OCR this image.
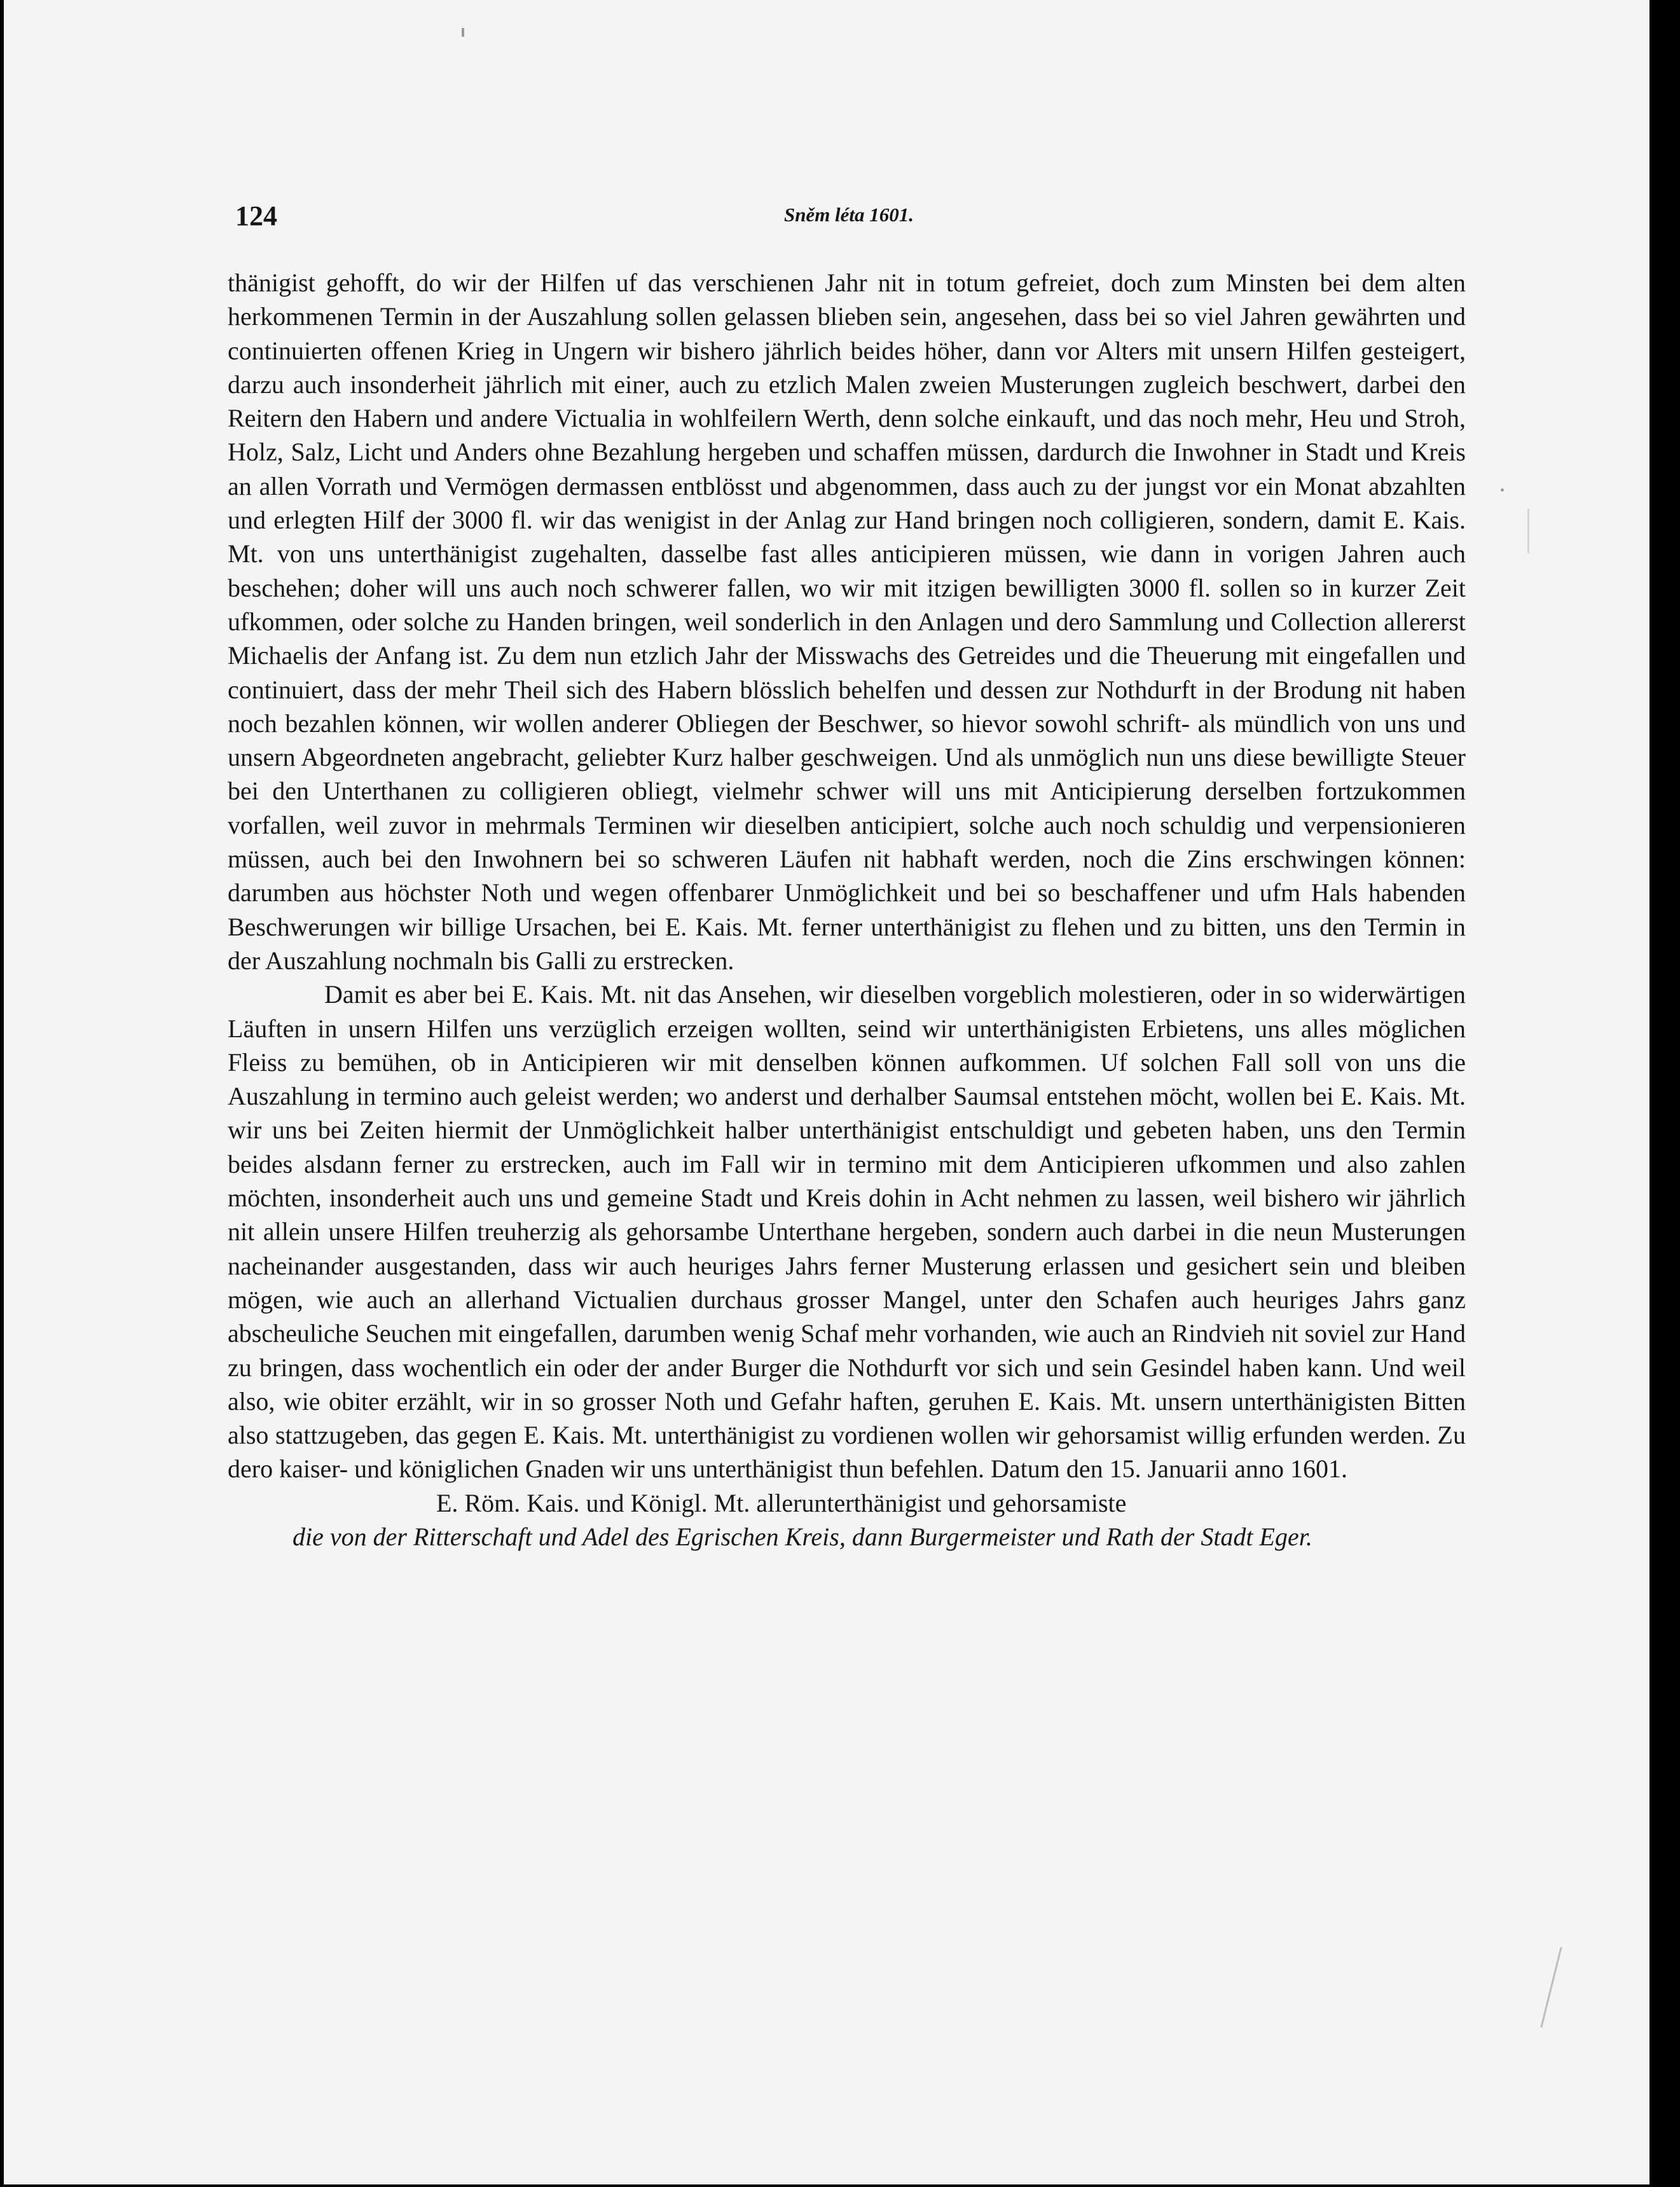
124	Sněm léta 1601.

thänigist gehofft, do wir der Hilfen uf das verschienen Jahr nit in totum gefreiet, doch zum Minsten bei dem alten herkommenen Termin in der Auszahlung sollen gelassen blieben sein, angesehen, dass bei so viel Jahren gewährten und continuierten offenen Krieg in Ungern wir bishero jährlich beides höher, dann vor Alters mit unsern Hilfen gesteigert, darzu auch insonderheit jährlich mit einer, auch zu etzlich Malen zweien Musterungen zugleich beschwert, darbei den Reitern den Habern und andere Victualia in wohlfeilern Werth, denn solche einkauft, und das noch mehr, Heu und Stroh, Holz, Salz, Licht und Anders ohne Bezahlung hergeben und schaffen müssen, dardurch die Inwohner in Stadt und Kreis an allen Vorrath und Vermögen dermassen entblösst und abgenommen, dass auch zu der jungst vor ein Monat abzahlten und erlegten Hilf der 3000 fl. wir das wenigist in der Anlag zur Hand bringen noch colligieren, sondern, damit E. Kais. Mt. von uns unterthänigist zugehalten, dasselbe fast alles anticipieren müssen, wie dann in vorigen Jahren auch beschehen; doher will uns auch noch schwerer fallen, wo wir mit itzigen bewilligten 3000 fl. sollen so in kurzer Zeit ufkommen, oder solche zu Handen bringen, weil sonderlich in den Anlagen und dero Sammlung und Collection allererst Michaelis der Anfang ist. Zu dem nun etzlich Jahr der Misswachs des Getreides und die Theuerung mit eingefallen und continuiert, dass der mehr Theil sich des Habern blösslich behelfen und dessen zur Nothdurft in der Brodung nit haben noch bezahlen können, wir wollen anderer Obliegen der Beschwer, so hievor sowohl schrift- als mündlich von uns und unsern Abgeordneten angebracht, geliebter Kurz halber geschweigen. Und als unmöglich nun uns diese bewilligte Steuer bei den Unterthanen zu colligieren obliegt, vielmehr schwer will uns mit Anticipierung derselben fortzukommen vorfallen, weil zuvor in mehrmals Terminen wir dieselben anticipiert, solche auch noch schuldig und verpensionieren müssen, auch bei den Inwohnern bei so schweren Läufen nit habhaft werden, noch die Zins erschwingen können: darumben aus höchster Noth und wegen offenbarer Unmöglichkeit und bei so beschaffener und ufm Hals habenden Beschwerungen wir billige Ursachen, bei E. Kais. Mt. ferner unterthänigist zu flehen und zu bitten, uns den Termin in der Auszahlung nochmaln bis Galli zu erstrecken.

Damit es aber bei E. Kais. Mt. nit das Ansehen, wir dieselben vorgeblich molestieren, oder in so widerwärtigen Läuften in unsern Hilfen uns verzüglich erzeigen wollten, seind wir unterthänigisten Erbietens, uns alles möglichen Fleiss zu bemühen, ob in Anticipieren wir mit denselben können aufkommen. Uf solchen Fall soll von uns die Auszahlung in termino auch geleist werden; wo anderst und derhalber Saumsal entstehen möcht, wollen bei E. Kais. Mt. wir uns bei Zeiten hiermit der Unmöglichkeit halber unterthänigist entschuldigt und gebeten haben, uns den Termin beides alsdann ferner zu erstrecken, auch im Fall wir in termino mit dem Anticipieren ufkommen und also zahlen möchten, insonderheit auch uns und gemeine Stadt und Kreis dohin in Acht nehmen zu lassen, weil bishero wir jährlich nit allein unsere Hilfen treuherzig als gehorsambe Unterthane hergeben, sondern auch darbei in die neun Musterungen nacheinander ausgestanden, dass wir auch heuriges Jahrs ferner Musterung erlassen und gesichert sein und bleiben mögen, wie auch an allerhand Victualien durchaus grosser Mangel, unter den Schafen auch heuriges Jahrs ganz abscheuliche Seuchen mit eingefallen, darumben wenig Schaf mehr vorhanden, wie auch an Rindvieh nit soviel zur Hand zu bringen, dass wochentlich ein oder der ander Burger die Nothdurft vor sich und sein Gesindel haben kann. Und weil also, wie obiter erzählt, wir in so grosser Noth und Gefahr haften, geruhen E. Kais. Mt. unsern unterthänigisten Bitten also stattzugeben, das gegen E. Kais. Mt. unterthänigist zu vordienen wollen wir gehorsamist willig erfunden werden. Zu dero kaiser- und königlichen Gnaden wir uns unterthänigist thun befehlen. Datum den 15. Januarii anno 1601.

E. Röm. Kais. und Königl. Mt. allerunterthänigist und gehorsamiste

die von der Ritterschaft und Adel des Egrischen Kreis, dann Burgermeister und Rath der Stadt Eger.
